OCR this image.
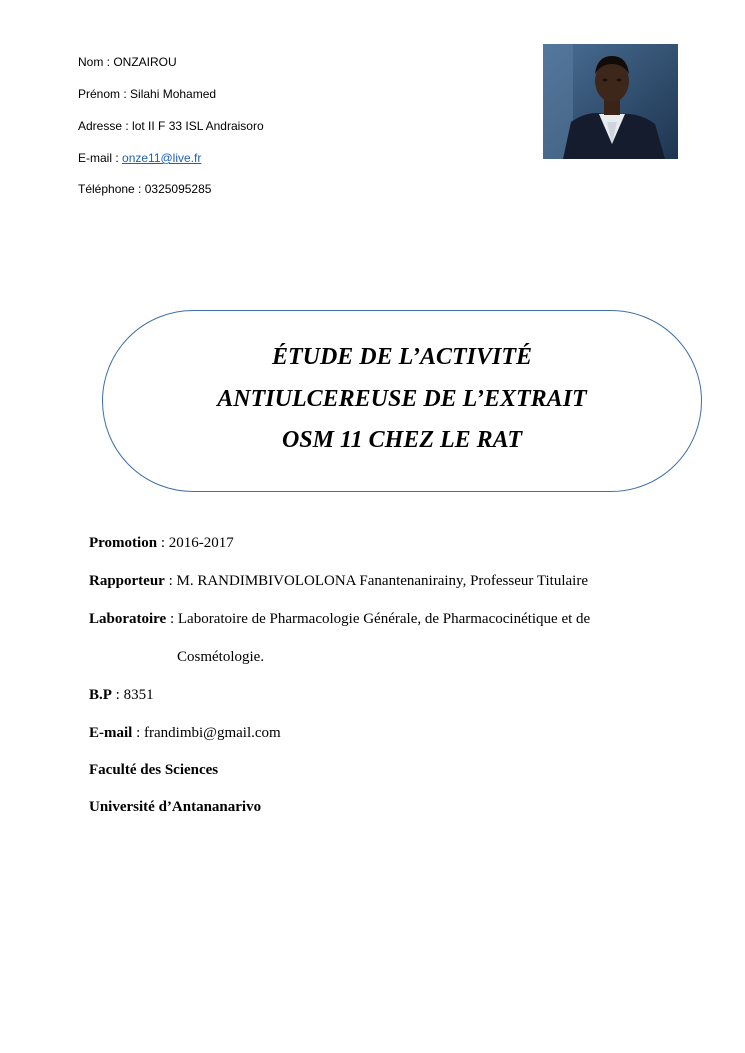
Nom : ONZAIROU
Prénom : Silahi Mohamed
Adresse : lot II F 33 ISL Andraisoro
E-mail : onze11@live.fr
Téléphone : 0325095285
ÉTUDE DE L’ACTIVITÉ
ANTIULCEREUSE DE L’EXTRAIT
OSM 11 CHEZ LE RAT
Promotion : 2016-2017
Rapporteur : M. RANDIMBIVOLOLONA Fanantenanirainy, Professeur Titulaire
Laboratoire : Laboratoire de Pharmacologie Générale, de Pharmacocinétique et de
Cosmétologie.
B.P : 8351
E-mail : frandimbi@gmail.com
Faculté des Sciences
Université d’Antananarivo
